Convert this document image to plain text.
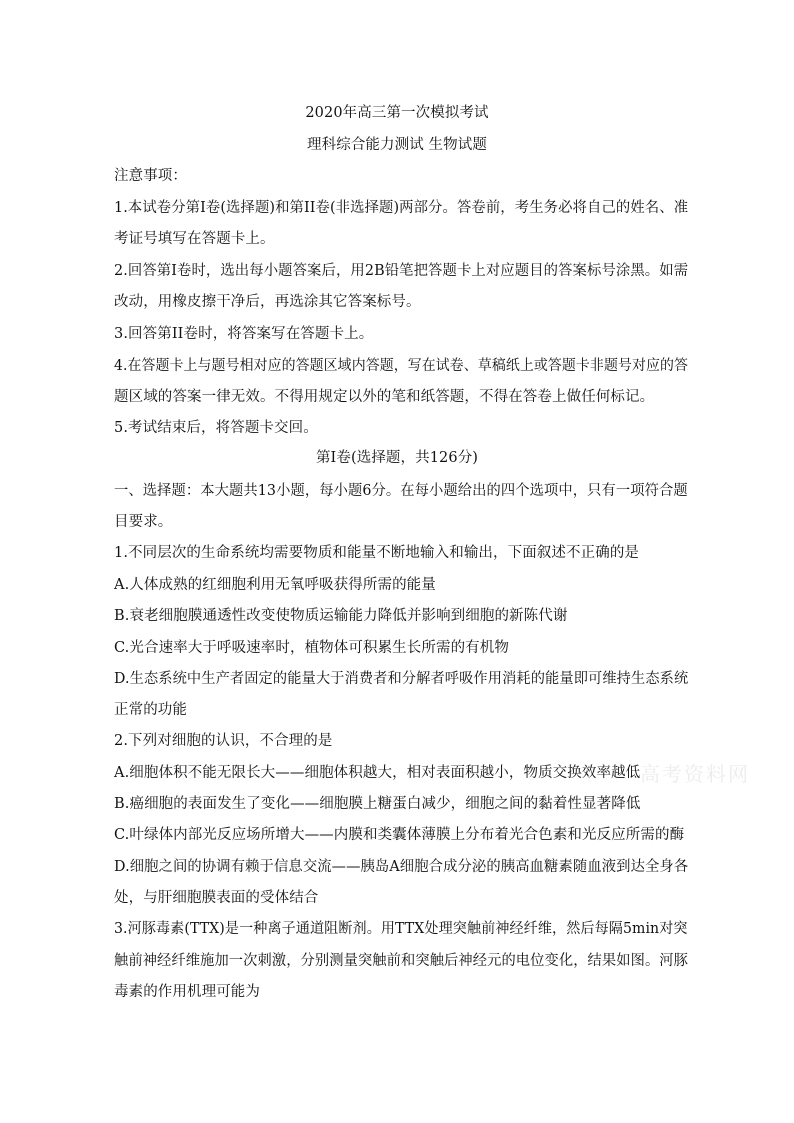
2020年高三第一次模拟考试
理科综合能力测试 生物试题
注意事项：
1.本试卷分第I卷(选择题)和第II卷(非选择题)两部分。答卷前，考生务必将自己的姓名、准
考证号填写在答题卡上。
2.回答第I卷时，选出每小题答案后，用2B铅笔把答题卡上对应题目的答案标号涂黑。如需
改动，用橡皮擦干净后，再选涂其它答案标号。
3.回答第II卷时，将答案写在答题卡上。
4.在答题卡上与题号相对应的答题区域内答题，写在试卷、草稿纸上或答题卡非题号对应的答
题区域的答案一律无效。不得用规定以外的笔和纸答题，不得在答卷上做任何标记。
5.考试结束后，将答题卡交回。
第I卷(选择题，共126分)
一、选择题：本大题共13小题，每小题6分。在每小题给出的四个选项中，只有一项符合题
目要求。
1.不同层次的生命系统均需要物质和能量不断地输入和输出，下面叙述不正确的是
A.人体成熟的红细胞利用无氧呼吸获得所需的能量
B.衰老细胞膜通透性改变使物质运输能力降低并影响到细胞的新陈代谢
C.光合速率大于呼吸速率时，植物体可积累生长所需的有机物
D.生态系统中生产者固定的能量大于消费者和分解者呼吸作用消耗的能量即可维持生态系统
正常的功能
2.下列对细胞的认识，不合理的是
A.细胞体积不能无限长大——细胞体积越大，相对表面积越小，物质交换效率越低
B.癌细胞的表面发生了变化——细胞膜上糖蛋白减少，细胞之间的黏着性显著降低
C.叶绿体内部光反应场所增大——内膜和类囊体薄膜上分布着光合色素和光反应所需的酶
D.细胞之间的协调有赖于信息交流——胰岛A细胞合成分泌的胰高血糖素随血液到达全身各
处，与肝细胞膜表面的受体结合
3.河豚毒素(TTX)是一种离子通道阻断剂。用TTX处理突触前神经纤维，然后每隔5min对突
触前神经纤维施加一次刺激，分别测量突触前和突触后神经元的电位变化，结果如图。河豚
毒素的作用机理可能为
高考资料网
